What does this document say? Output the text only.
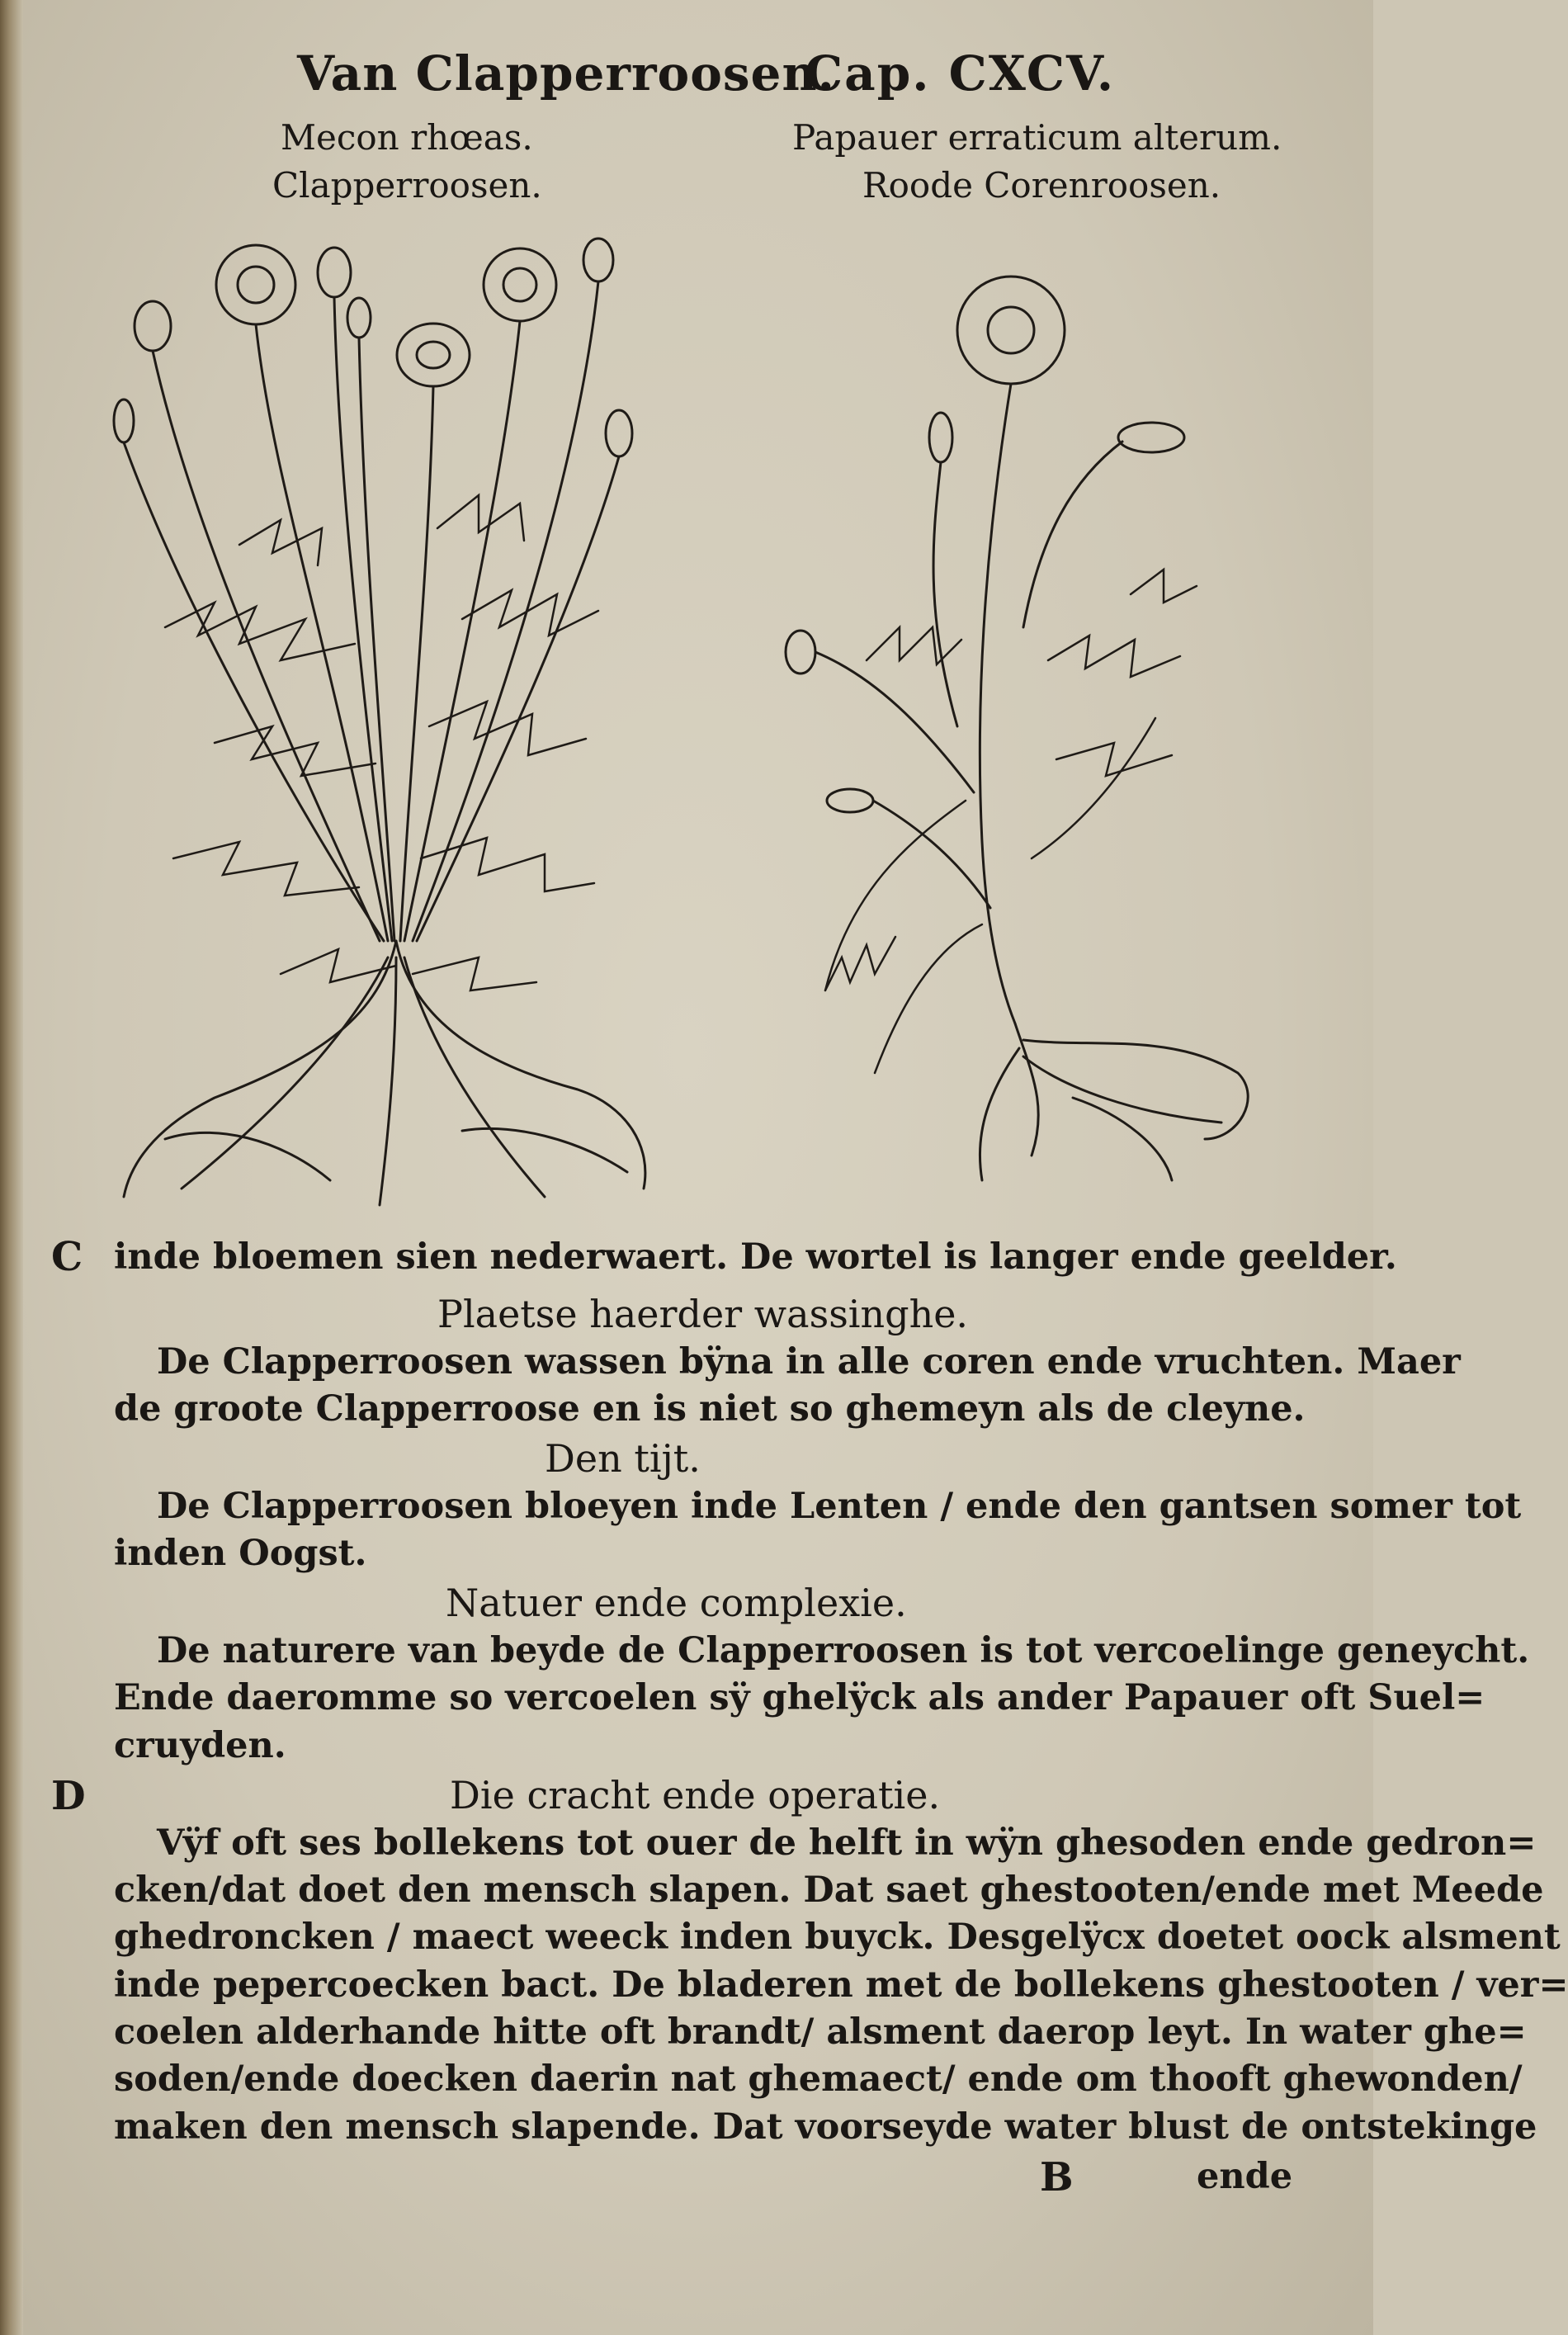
Van Clapperroosen.
Cap. CXCV.
Mecon rhœas.
Clapperroosen.
Papauer erraticum alterum.
Roode Corenroosen.
C
D
inde bloemen sien nederwaert. De wortel is langer ende geelder.
Plaetse haerder wassinghe.
De Clapperroosen wassen bÿna in alle coren ende vruchten. Maer
de groote Clapperroose en is niet so ghemeyn als de cleyne.
Den tijt.
De Clapperroosen bloeyen inde Lenten / ende den gantsen somer tot
inden Oogst.
Natuer ende complexie.
De naturere van beyde de Clapperroosen is tot vercoelinge geneycht.
Ende daeromme so vercoelen sÿ ghelÿck als ander Papauer oft Suel=
cruyden.
Die cracht ende operatie.
Vÿf oft ses bollekens tot ouer de helft in wÿn ghesoden ende gedron=
cken/dat doet den mensch slapen. Dat saet ghestooten/ende met Meede
ghedroncken / maect weeck inden buyck. Desgelÿcx doetet oock alsment
inde pepercoecken bact. De bladeren met de bollekens ghestooten / ver=
coelen alderhande hitte oft brandt/ alsment daerop leyt. In water ghe=
soden/ende doecken daerin nat ghemaect/ ende om thooft ghewonden/
maken den mensch slapende. Dat voorseyde water blust de ontstekinge
B	ende
